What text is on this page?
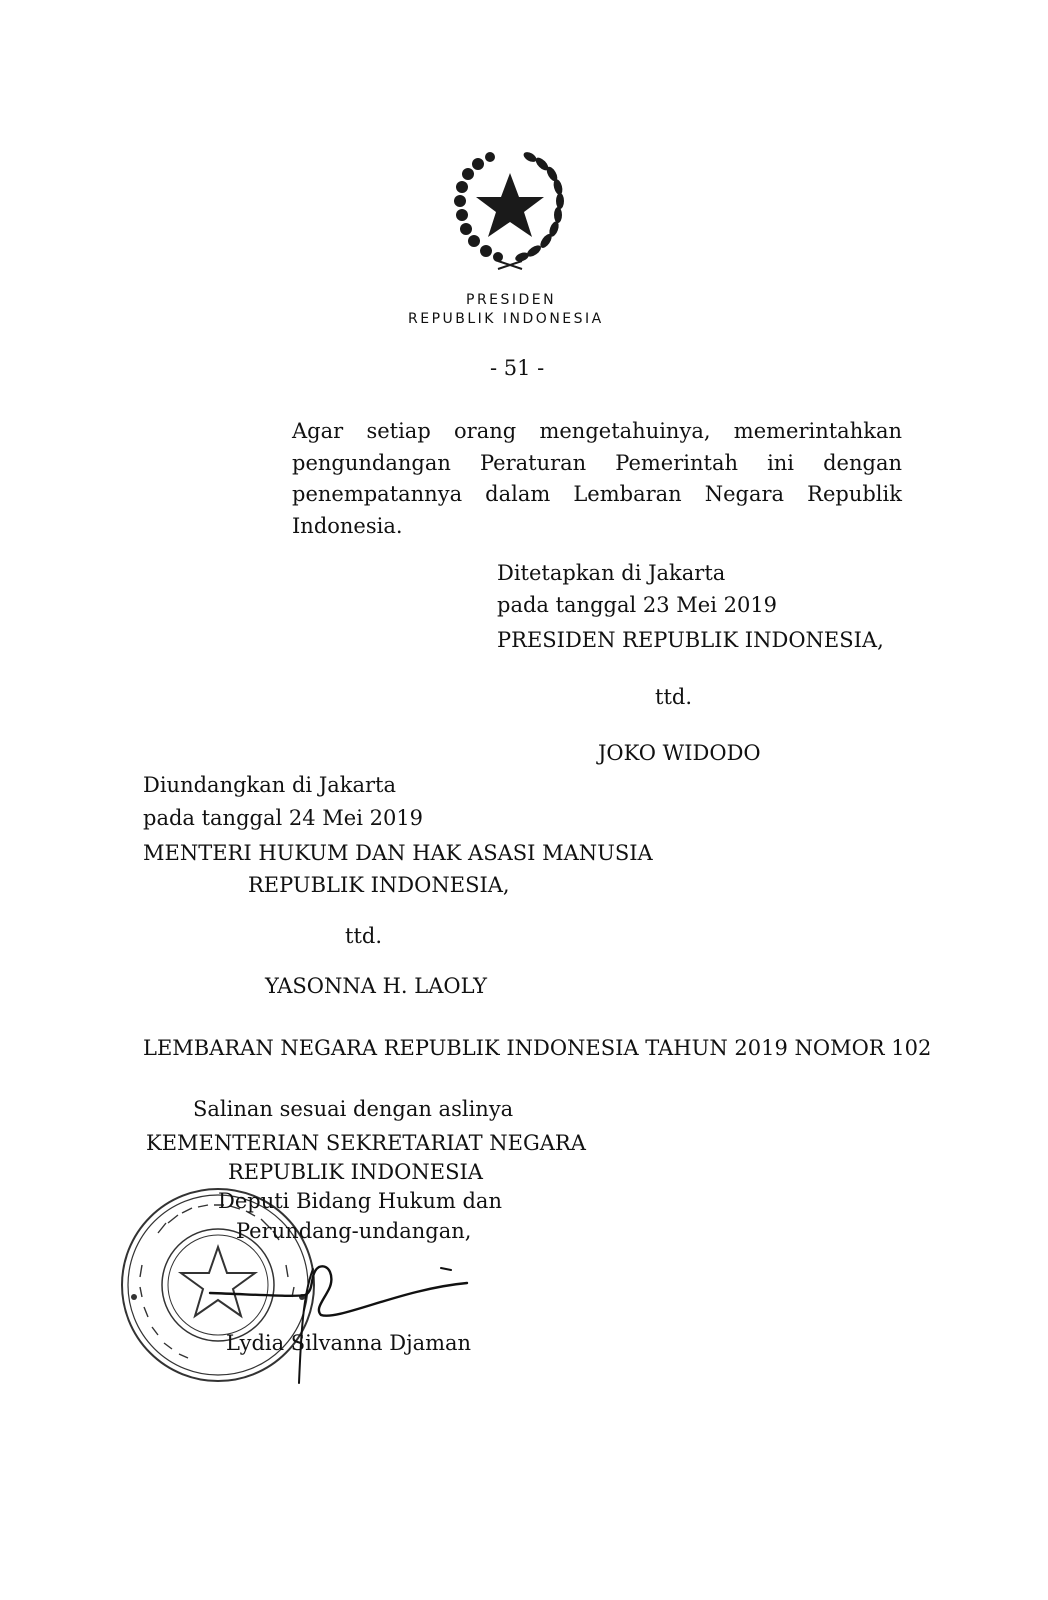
PRESIDEN
REPUBLIK INDONESIA
- 51 -
Agar setiap orang mengetahuinya, memerintahkan
pengundangan Peraturan Pemerintah ini dengan
penempatannya dalam Lembaran Negara Republik
Indonesia.
Ditetapkan di Jakarta
pada tanggal 23 Mei 2019
PRESIDEN REPUBLIK INDONESIA,
ttd.
JOKO WIDODO
Diundangkan di Jakarta
pada tanggal 24 Mei 2019
MENTERI HUKUM DAN HAK ASASI MANUSIA
REPUBLIK INDONESIA,
ttd.
YASONNA H. LAOLY
LEMBARAN NEGARA REPUBLIK INDONESIA TAHUN 2019 NOMOR 102
Salinan sesuai dengan aslinya
KEMENTERIAN SEKRETARIAT NEGARA
REPUBLIK INDONESIA
Deputi Bidang Hukum dan
Perundang-undangan,
Lydia Silvanna Djaman
